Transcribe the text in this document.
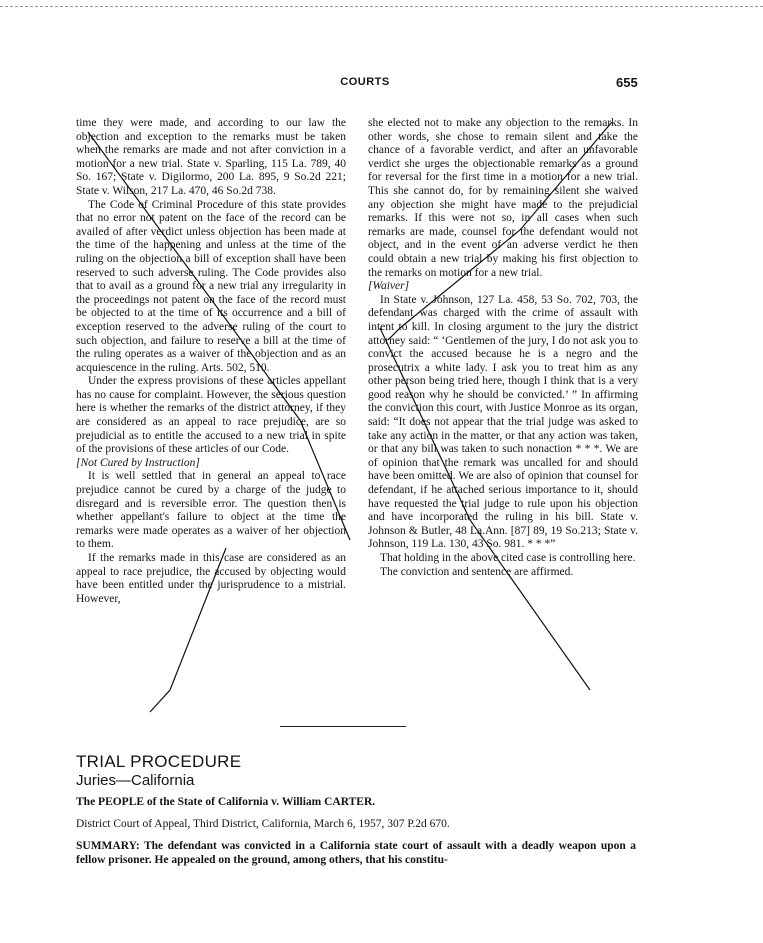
COURTS	655

time they were made, and according to our law the objection and exception to the remarks must be taken when the remarks are made and not after conviction in a motion for a new trial. State v. Sparling, 115 La. 789, 40 So. 167; State v. Digilormo, 200 La. 895, 9 So.2d 221; State v. Wilson, 217 La. 470, 46 So.2d 738.

The Code of Criminal Procedure of this state provides that no error not patent on the face of the record can be availed of after verdict unless objection has been made at the time of the happening and unless at the time of the ruling on the objection a bill of exception shall have been reserved to such adverse ruling. The Code provides also that to avail as a ground for a new trial any irregularity in the proceedings not patent on the face of the record must be objected to at the time of its occurrence and a bill of exception reserved to the adverse ruling of the court to such objection, and failure to reserve a bill at the time of the ruling operates as a waiver of the objection and as an acquiescence in the ruling. Arts. 502, 510.

Under the express provisions of these articles appellant has no cause for complaint. However, the serious question here is whether the remarks of the district attorney, if they are considered as an appeal to race prejudice, are so prejudicial as to entitle the accused to a new trial in spite of the provisions of these articles of our Code.

[Not Cured by Instruction]

It is well settled that in general an appeal to race prejudice cannot be cured by a charge of the judge to disregard and is reversible error. The question then is whether appellant's failure to object at the time the remarks were made operates as a waiver of her objection to them.

If the remarks made in this case are considered as an appeal to race prejudice, the accused by objecting would have been entitled under the jurisprudence to a mistrial. However,

she elected not to make any objection to the remarks. In other words, she chose to remain silent and take the chance of a favorable verdict, and after an unfavorable verdict she urges the objectionable remarks as a ground for reversal for the first time in a motion for a new trial. This she cannot do, for by remaining silent she waived any objection she might have made to the prejudicial remarks. If this were not so, in all cases when such remarks are made, counsel for the defendant would not object, and in the event of an adverse verdict he then could obtain a new trial by making his first objection to the remarks on motion for a new trial.

[Waiver]

In State v. Johnson, 127 La. 458, 53 So. 702, 703, the defendant was charged with the crime of assault with intent to kill. In closing argument to the jury the district attorney said: “ ‘Gentlemen of the jury, I do not ask you to convict the accused because he is a negro and the prosecutrix a white lady. I ask you to treat him as any other person being tried here, though I think that is a very good reason why he should be convicted.’ ” In affirming the conviction this court, with Justice Monroe as its organ, said: “It does not appear that the trial judge was asked to take any action in the matter, or that any action was taken, or that any bill was taken to such nonaction * * *. We are of opinion that the remark was uncalled for and should have been omitted. We are also of opinion that counsel for defendant, if he attached serious importance to it, should have requested the trial judge to rule upon his objection and have incorporated the ruling in his bill. State v. Johnson & Butler, 48 La.Ann. [87] 89, 19 So.213; State v. Johnson, 119 La. 130, 43 So. 981. * * *”

That holding in the above cited case is controlling here.

The conviction and sentence are affirmed.

TRIAL PROCEDURE
Juries—California
The PEOPLE of the State of California v. William CARTER.
District Court of Appeal, Third District, California, March 6, 1957, 307 P.2d 670.
SUMMARY: The defendant was convicted in a California state court of assault with a deadly weapon upon a fellow prisoner. He appealed on the ground, among others, that his constitu-
